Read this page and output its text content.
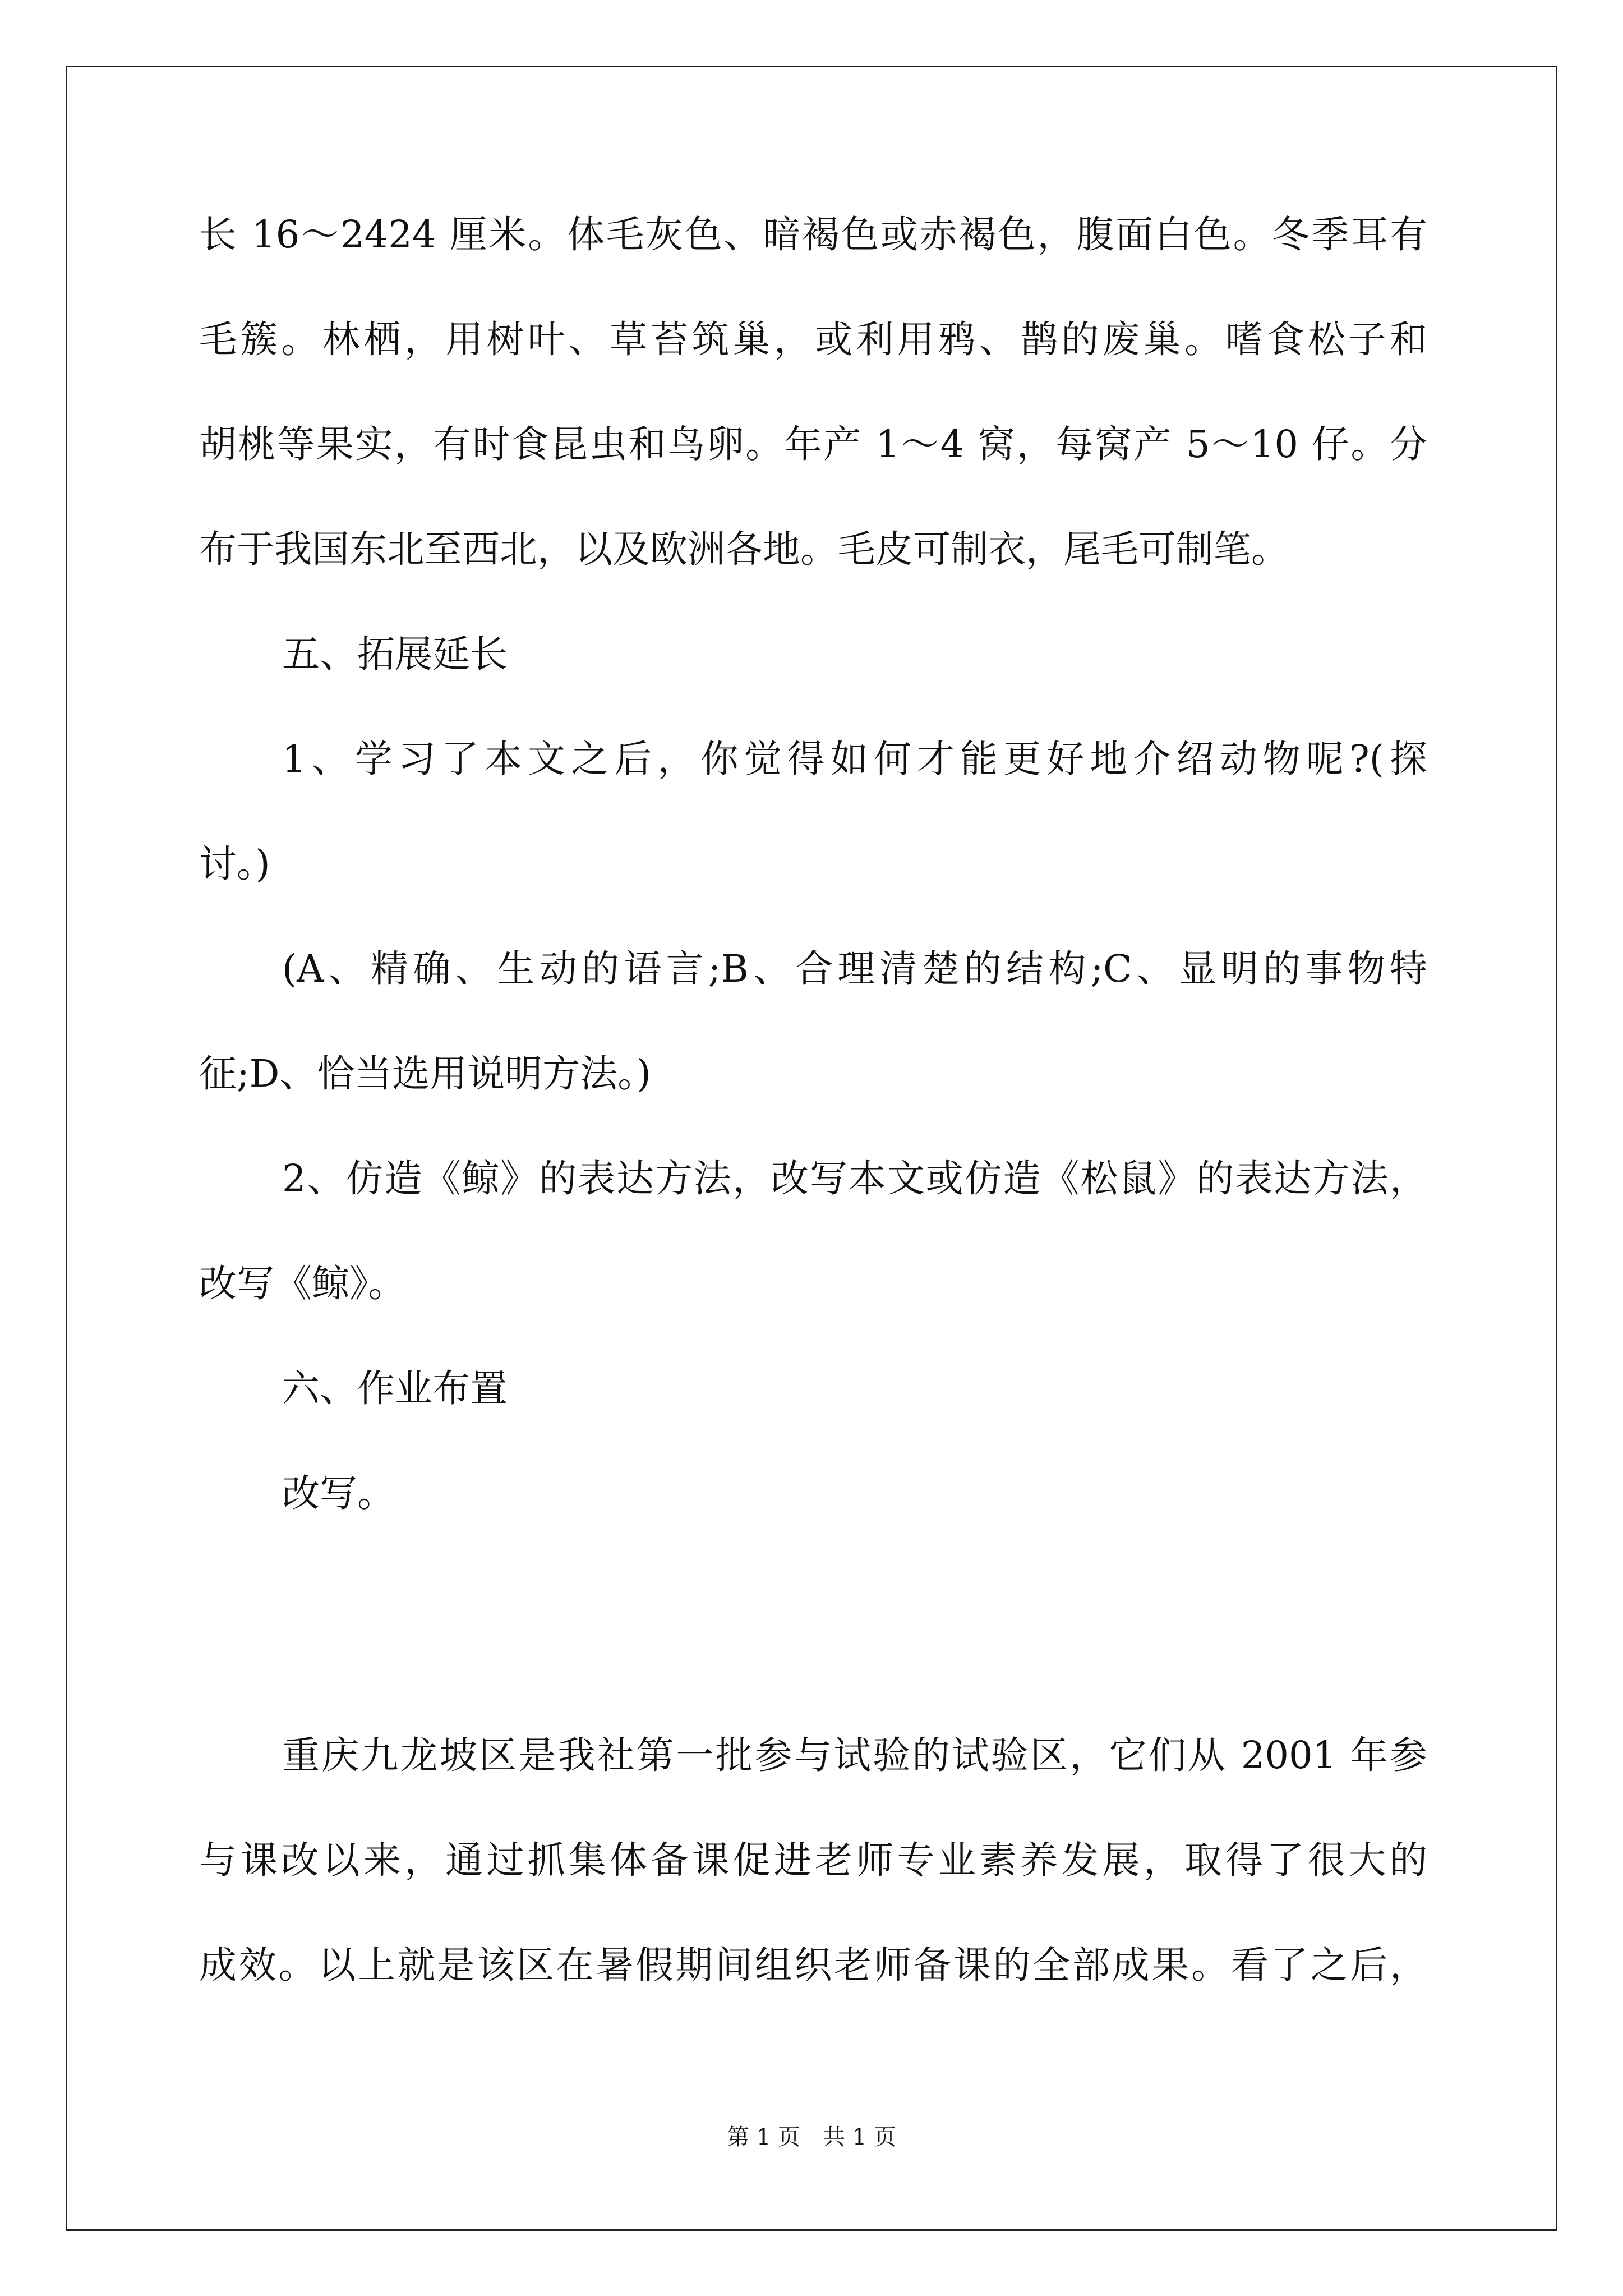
长 16～2424 厘米。体毛灰色、暗褐色或赤褐色，腹面白色。冬季耳有
毛簇。林栖，用树叶、草苔筑巢，或利用鸦、鹊的废巢。嗜食松子和
胡桃等果实，有时食昆虫和鸟卵。年产 1～4 窝，每窝产 5～10 仔。分
布于我国东北至西北，以及欧洲各地。毛皮可制衣，尾毛可制笔。
五、拓展延长
1、学习了本文之后，你觉得如何才能更好地介绍动物呢?(探
讨。)
(A、精确、生动的语言;B、合理清楚的结构;C、显明的事物特
征;D、恰当选用说明方法。)
2、仿造《鲸》的表达方法，改写本文或仿造《松鼠》的表达方法，
改写《鲸》。
六、作业布置
改写。
重庆九龙坡区是我社第一批参与试验的试验区，它们从 2001 年参
与课改以来，通过抓集体备课促进老师专业素养发展，取得了很大的
成效。以上就是该区在暑假期间组织老师备课的全部成果。看了之后，
第 1 页　共 1 页
